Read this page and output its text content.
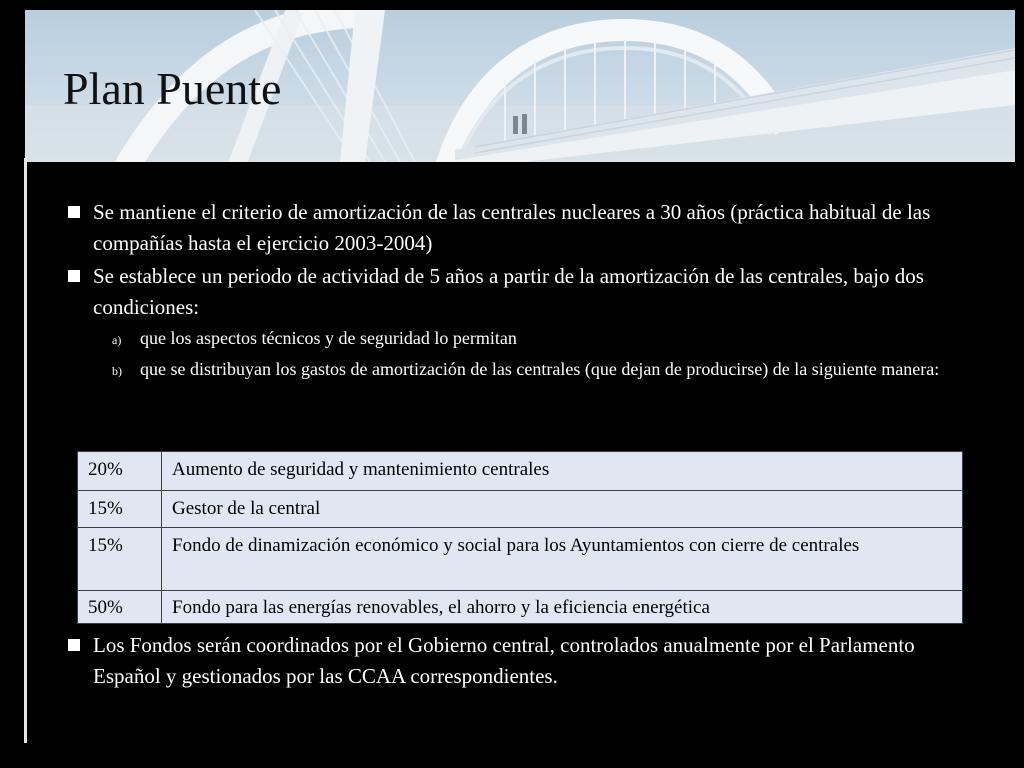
Plan Puente
Se mantiene el criterio de amortización de las centrales nucleares a 30 años (práctica habitual de las compañías hasta el ejercicio 2003-2004)
Se establece un periodo de actividad de 5 años a partir de la amortización de las centrales, bajo dos condiciones:
a) que los aspectos técnicos y de seguridad lo permitan
b) que se distribuyan los gastos de amortización de las centrales (que dejan de producirse) de la siguiente manera:
20%	Aumento de seguridad y mantenimiento centrales
15%	Gestor de la central
15%	Fondo de dinamización económico y social para los Ayuntamientos con cierre de centrales
50%	Fondo para las energías renovables, el ahorro y la eficiencia energética
Los Fondos serán coordinados por el Gobierno central, controlados anualmente por el Parlamento Español y gestionados por las CCAA correspondientes.
